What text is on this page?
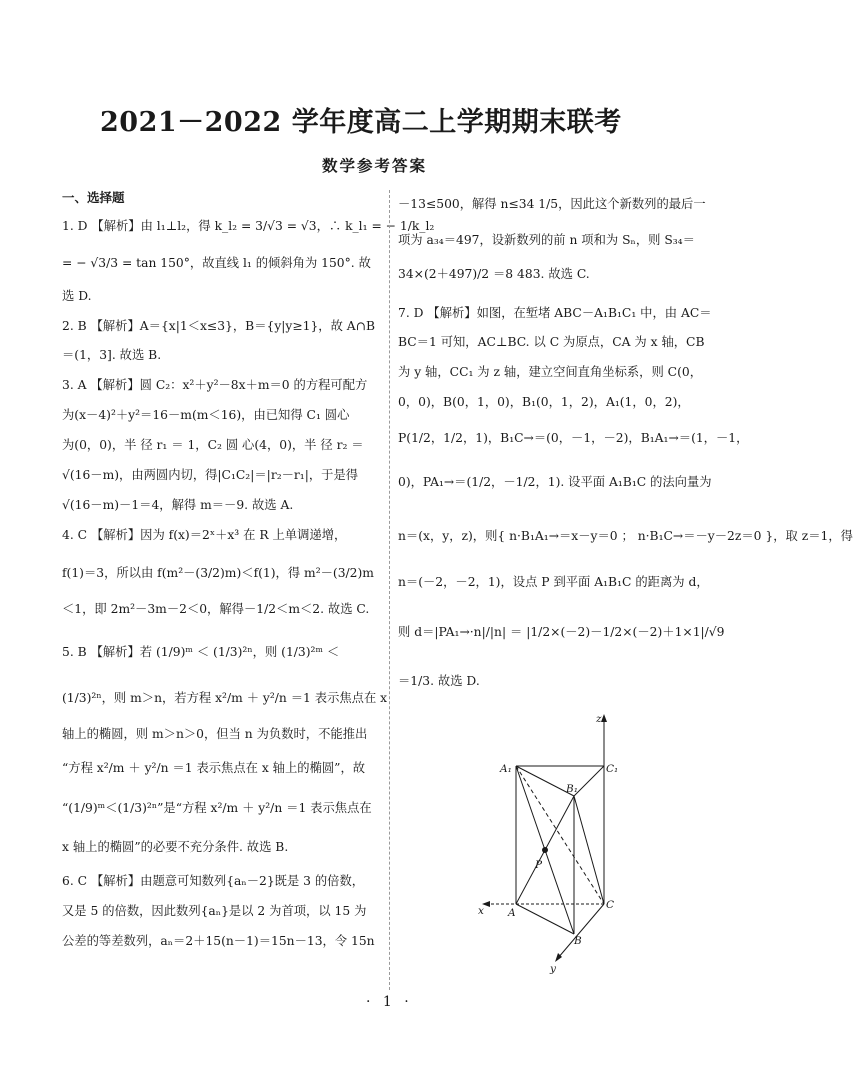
2021－2022 学年度高二上学期期末联考
数学参考答案
一、选择题
1. D 【解析】由 l₁⊥l₂，得 k_l₂ = 3/√3 = √3，∴ k_l₁ = − 1/k_l₂
= − √3/3 = tan 150°，故直线 l₁ 的倾斜角为 150°. 故
选 D.
2. B 【解析】A＝{x|1＜x≤3}，B＝{y|y≥1}，故 A∩B
＝(1，3]. 故选 B.
3. A 【解析】圆 C₂：x²＋y²－8x＋m＝0 的方程可配方
为(x－4)²＋y²＝16－m(m＜16)，由已知得 C₁ 圆心
为(0，0)，半 径 r₁ ＝ 1，C₂ 圆 心(4，0)，半 径 r₂ ＝
√(16－m)，由两圆内切，得|C₁C₂|＝|r₂－r₁|，于是得
√(16－m)－1＝4，解得 m＝－9. 故选 A.
4. C 【解析】因为 f(x)＝2ˣ＋x³ 在 R 上单调递增，
f(1)＝3，所以由 f(m²－(3/2)m)＜f(1)，得 m²－(3/2)m
＜1，即 2m²－3m－2＜0，解得－1/2＜m＜2. 故选 C.
5. B 【解析】若 (1/9)ᵐ ＜ (1/3)²ⁿ，则 (1/3)²ᵐ ＜
(1/3)²ⁿ，则 m＞n，若方程 x²/m ＋ y²/n ＝1 表示焦点在 x
轴上的椭圆，则 m＞n＞0，但当 n 为负数时，不能推出
“方程 x²/m ＋ y²/n ＝1 表示焦点在 x 轴上的椭圆”，故
“(1/9)ᵐ＜(1/3)²ⁿ”是“方程 x²/m ＋ y²/n ＝1 表示焦点在
x 轴上的椭圆”的必要不充分条件. 故选 B.
6. C 【解析】由题意可知数列{aₙ－2}既是 3 的倍数，
又是 5 的倍数，因此数列{aₙ}是以 2 为首项，以 15 为
公差的等差数列，aₙ＝2＋15(n－1)＝15n－13，令 15n
－13≤500，解得 n≤34 1/5，因此这个新数列的最后一
项为 a₃₄＝497，设新数列的前 n 项和为 Sₙ，则 S₃₄＝
34×(2＋497)/2 ＝8 483. 故选 C.
7. D 【解析】如图，在堑堵 ABC－A₁B₁C₁ 中，由 AC＝
BC＝1 可知，AC⊥BC. 以 C 为原点，CA 为 x 轴，CB
为 y 轴，CC₁ 为 z 轴，建立空间直角坐标系，则 C(0，
0，0)，B(0，1，0)，B₁(0，1，2)，A₁(1，0，2)，
P(1/2，1/2，1)，B₁C→＝(0，－1，－2)，B₁A₁→＝(1，－1，
0)，PA₁→＝(1/2，－1/2，1). 设平面 A₁B₁C 的法向量为
n＝(x，y，z)，则{ n·B₁A₁→＝x－y＝0 ； n·B₁C→＝－y－2z＝0 }，取 z＝1，得
n＝(－2，－2，1)，设点 P 到平面 A₁B₁C 的距离为 d，
则 d＝|PA₁→·n|/|n| ＝ |1/2×(－2)－1/2×(－2)＋1×1|/√9
＝1/3. 故选 D.
z
A₁	C₁
B₁
P
x A
C
B
y
· 1 ·
